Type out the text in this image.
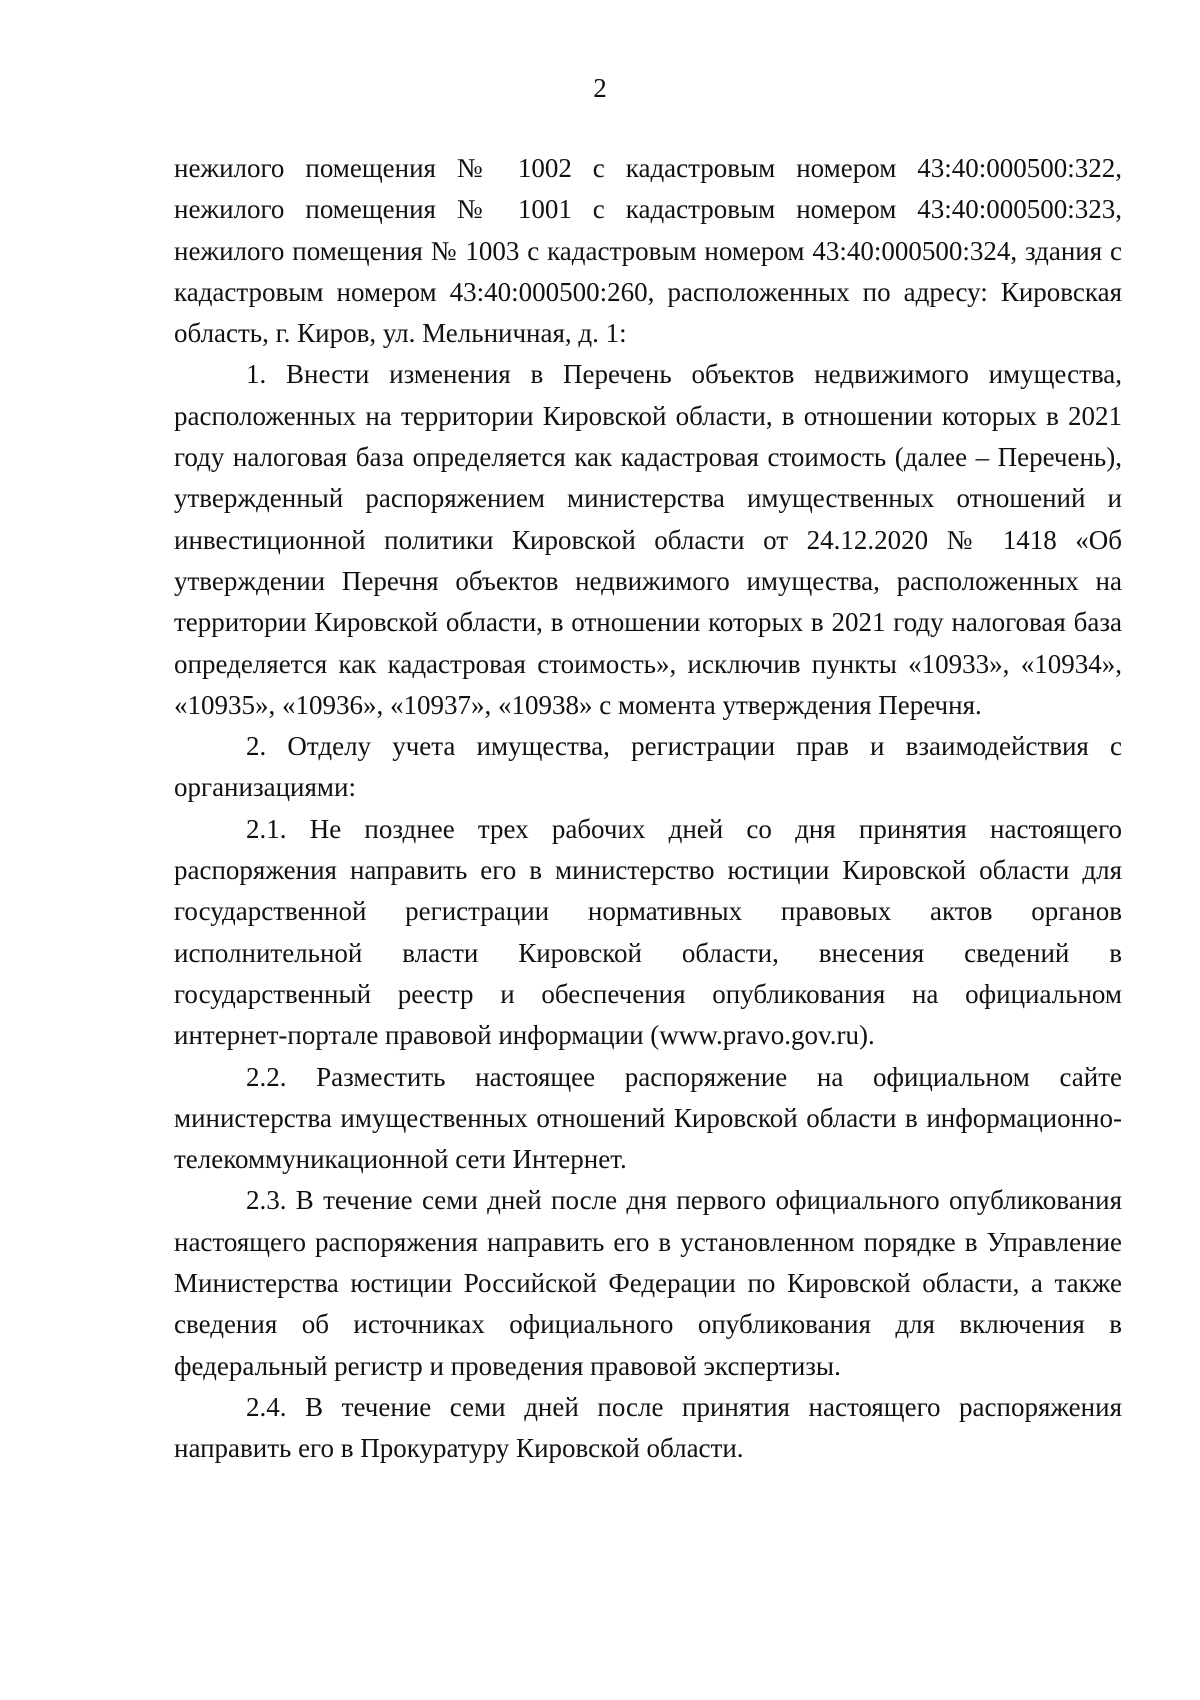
2

нежилого помещения № 1002 с кадастровым номером 43:40:000500:322, нежилого помещения № 1001 с кадастровым номером 43:40:000500:323, нежилого помещения № 1003 с кадастровым номером 43:40:000500:324, здания с кадастровым номером 43:40:000500:260, расположенных по адресу: Кировская область, г. Киров, ул. Мельничная, д. 1:

1. Внести изменения в Перечень объектов недвижимого имущества, расположенных на территории Кировской области, в отношении которых в 2021 году налоговая база определяется как кадастровая стоимость (далее – Перечень), утвержденный распоряжением министерства имущественных отношений и инвестиционной политики Кировской области от 24.12.2020 № 1418 «Об утверждении Перечня объектов недвижимого имущества, расположенных на территории Кировской области, в отношении которых в 2021 году налоговая база определяется как кадастровая стоимость», исключив пункты «10933», «10934», «10935», «10936», «10937», «10938» с момента утверждения Перечня.

2. Отделу учета имущества, регистрации прав и взаимодействия с организациями:

2.1. Не позднее трех рабочих дней со дня принятия настоящего распоряжения направить его в министерство юстиции Кировской области для государственной регистрации нормативных правовых актов органов исполнительной власти Кировской области, внесения сведений в государственный реестр и обеспечения опубликования на официальном интернет-портале правовой информации (www.pravo.gov.ru).

2.2. Разместить настоящее распоряжение на официальном сайте министерства имущественных отношений Кировской области в информационно-телекоммуникационной сети Интернет.

2.3. В течение семи дней после дня первого официального опубликования настоящего распоряжения направить его в установленном порядке в Управление Министерства юстиции Российской Федерации по Кировской области, а также сведения об источниках официального опубликования для включения в федеральный регистр и проведения правовой экспертизы.

2.4. В течение семи дней после принятия настоящего распоряжения направить его в Прокуратуру Кировской области.
